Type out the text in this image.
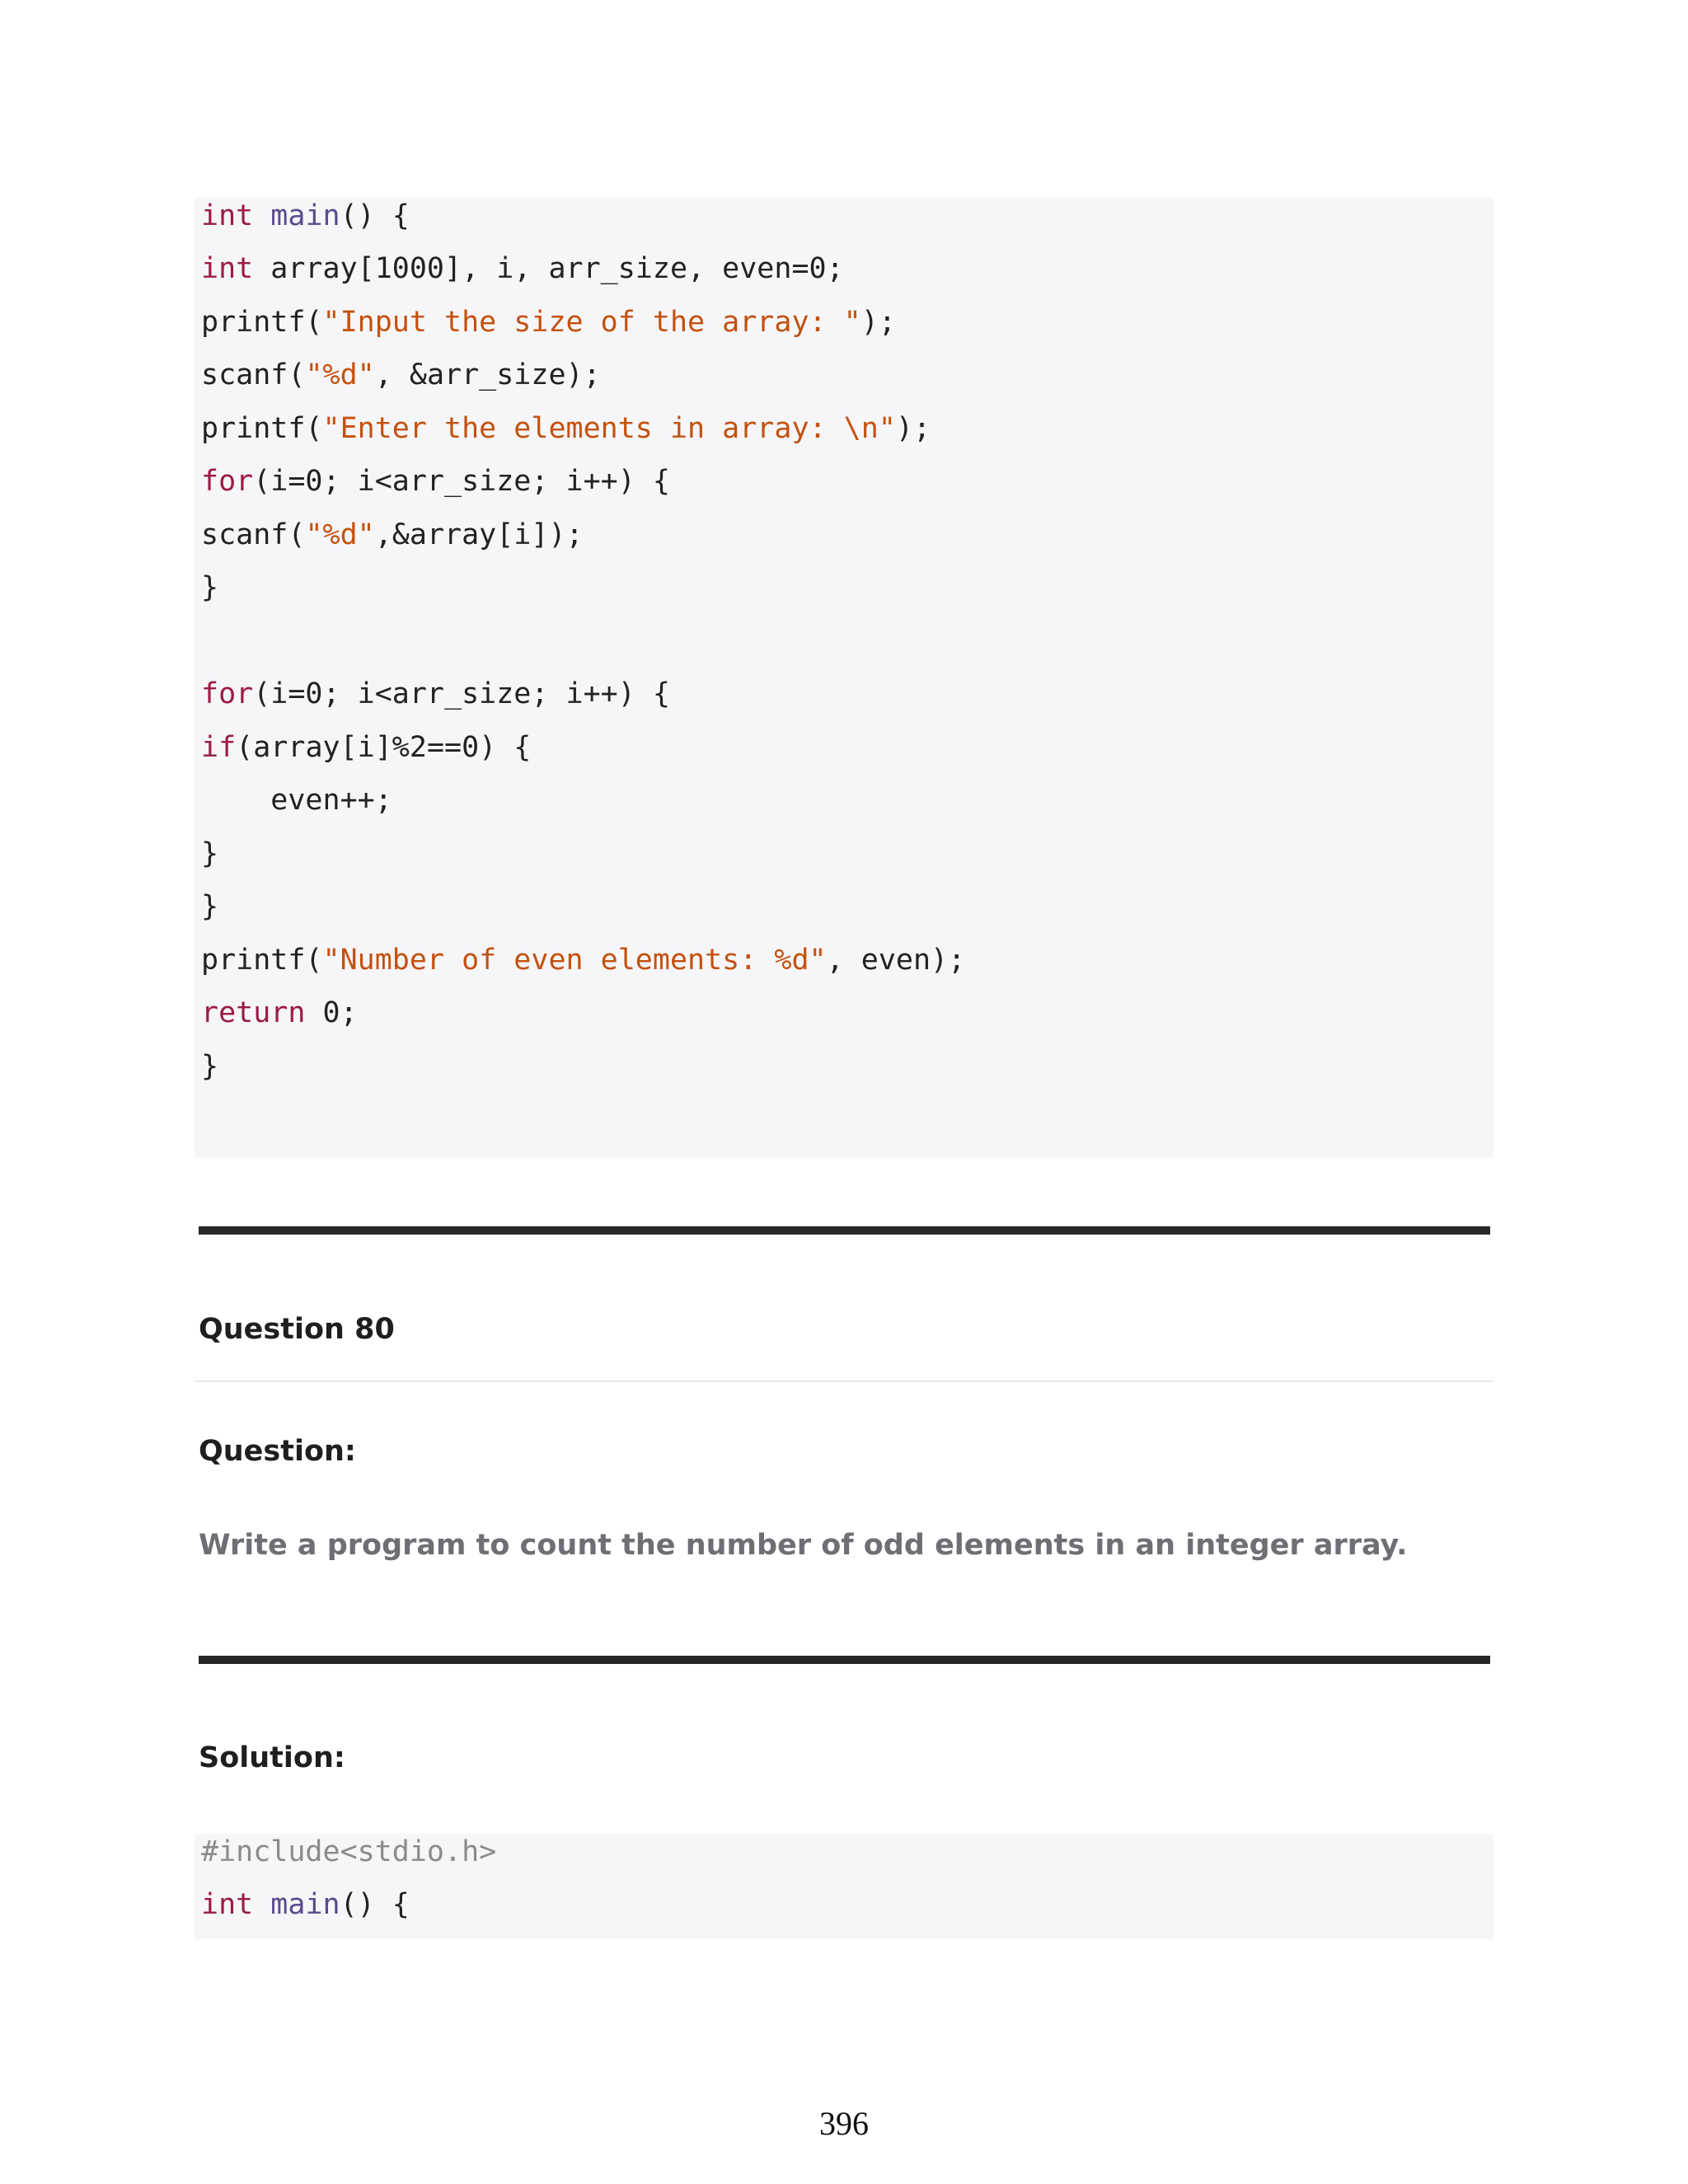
int main() {
int array[1000], i, arr_size, even=0;
printf("Input the size of the array: ");
scanf("%d", &arr_size);
printf("Enter the elements in array: \n");
for(i=0; i<arr_size; i++) {
scanf("%d",&array[i]);
}
for(i=0; i<arr_size; i++) {
if(array[i]%2==0) {
even++;
}
}
printf("Number of even elements: %d", even);
return 0;
}
Question 80
Question:
Write a program to count the number of odd elements in an integer array.
Solution:
#include<stdio.h>
int main() {
396
